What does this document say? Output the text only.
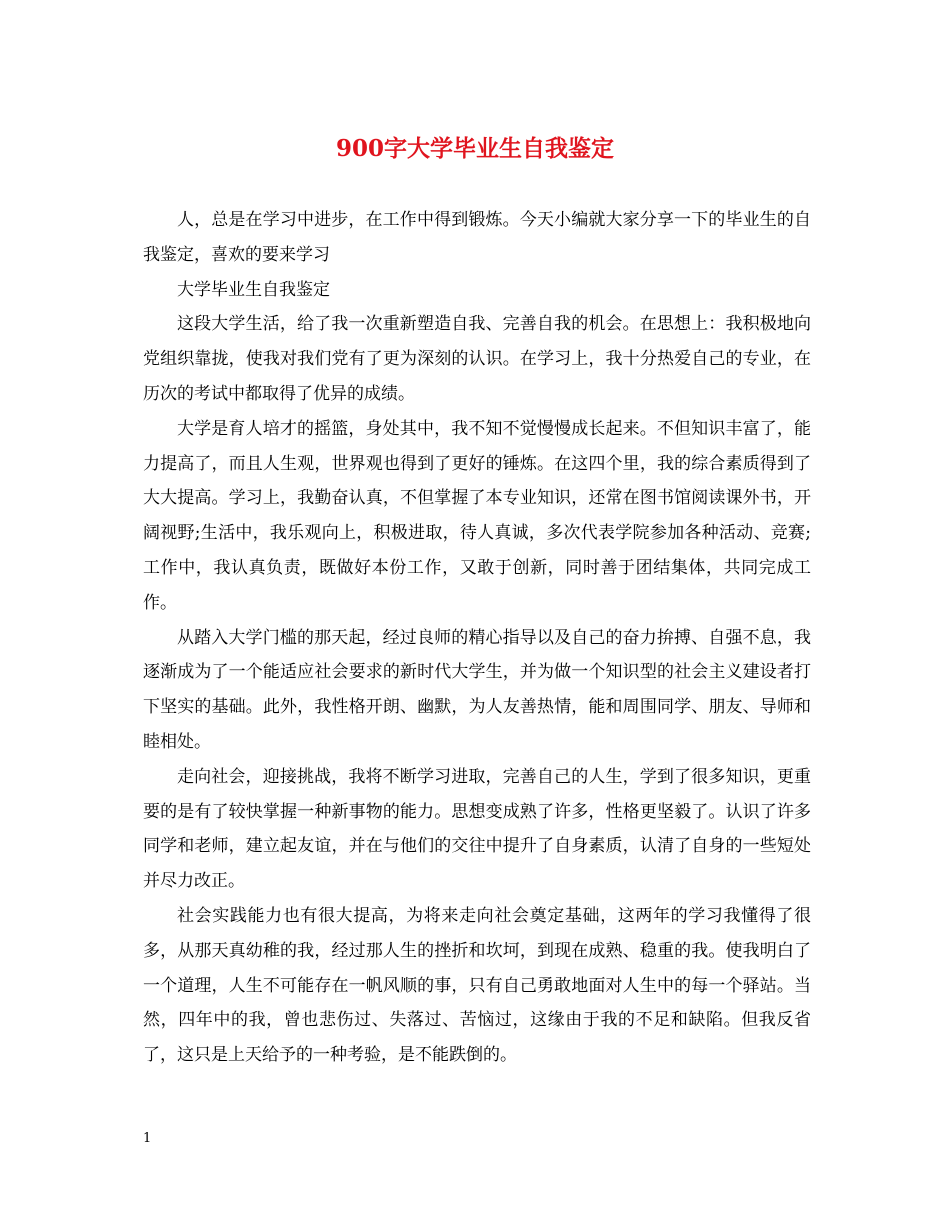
900字大学毕业生自我鉴定

人，总是在学习中进步，在工作中得到锻炼。今天小编就大家分享一下的毕业生的自我鉴定，喜欢的要来学习

大学毕业生自我鉴定

这段大学生活，给了我一次重新塑造自我、完善自我的机会。在思想上：我积极地向党组织靠拢，使我对我们党有了更为深刻的认识。在学习上，我十分热爱自己的专业，在历次的考试中都取得了优异的成绩。

大学是育人培才的摇篮，身处其中，我不知不觉慢慢成长起来。不但知识丰富了，能力提高了，而且人生观，世界观也得到了更好的锤炼。在这四个里，我的综合素质得到了大大提高。学习上，我勤奋认真，不但掌握了本专业知识，还常在图书馆阅读课外书，开阔视野;生活中，我乐观向上，积极进取，待人真诚，多次代表学院参加各种活动、竞赛;工作中，我认真负责，既做好本份工作，又敢于创新，同时善于团结集体，共同完成工作。

从踏入大学门槛的那天起，经过良师的精心指导以及自己的奋力拚搏、自强不息，我逐渐成为了一个能适应社会要求的新时代大学生，并为做一个知识型的社会主义建设者打下坚实的基础。此外，我性格开朗、幽默，为人友善热情，能和周围同学、朋友、导师和睦相处。

走向社会，迎接挑战，我将不断学习进取，完善自己的人生，学到了很多知识，更重要的是有了较快掌握一种新事物的能力。思想变成熟了许多，性格更坚毅了。认识了许多同学和老师，建立起友谊，并在与他们的交往中提升了自身素质，认清了自身的一些短处并尽力改正。

社会实践能力也有很大提高，为将来走向社会奠定基础，这两年的学习我懂得了很多，从那天真幼稚的我，经过那人生的挫折和坎坷，到现在成熟、稳重的我。使我明白了一个道理，人生不可能存在一帆风顺的事，只有自己勇敢地面对人生中的每一个驿站。当然，四年中的我，曾也悲伤过、失落过、苦恼过，这缘由于我的不足和缺陷。但我反省了，这只是上天给予的一种考验，是不能跌倒的。

1
